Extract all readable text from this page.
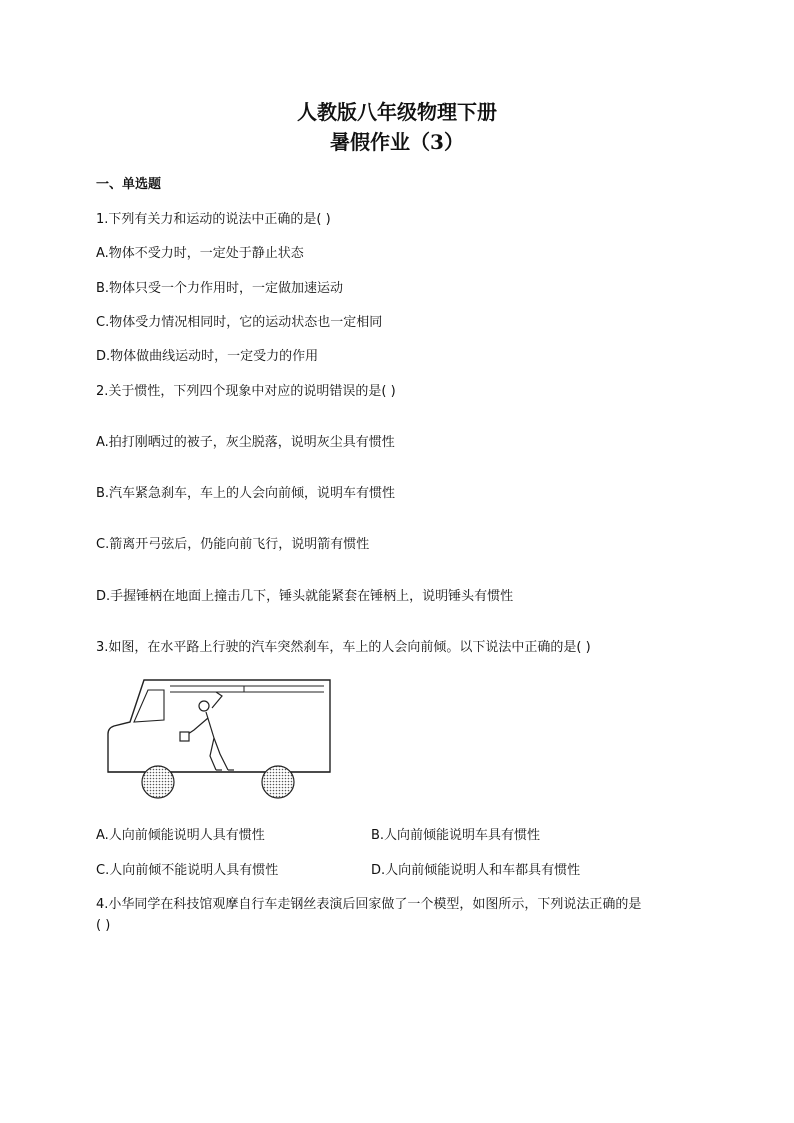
人教版八年级物理下册
暑假作业（3）
一、单选题
1.下列有关力和运动的说法中正确的是( )
A.物体不受力时，一定处于静止状态
B.物体只受一个力作用时，一定做加速运动
C.物体受力情况相同时，它的运动状态也一定相同
D.物体做曲线运动时，一定受力的作用
2.关于惯性，下列四个现象中对应的说明错误的是( )
A.拍打刚晒过的被子，灰尘脱落，说明灰尘具有惯性
B.汽车紧急刹车，车上的人会向前倾，说明车有惯性
C.箭离开弓弦后，仍能向前飞行，说明箭有惯性
D.手握锤柄在地面上撞击几下，锤头就能紧套在锤柄上，说明锤头有惯性
3.如图，在水平路上行驶的汽车突然刹车，车上的人会向前倾。以下说法中正确的是( )
A.人向前倾能说明人具有惯性	B.人向前倾能说明车具有惯性
C.人向前倾不能说明人具有惯性	D.人向前倾能说明人和车都具有惯性
4.小华同学在科技馆观摩自行车走钢丝表演后回家做了一个模型，如图所示，下列说法正确的是
( )
